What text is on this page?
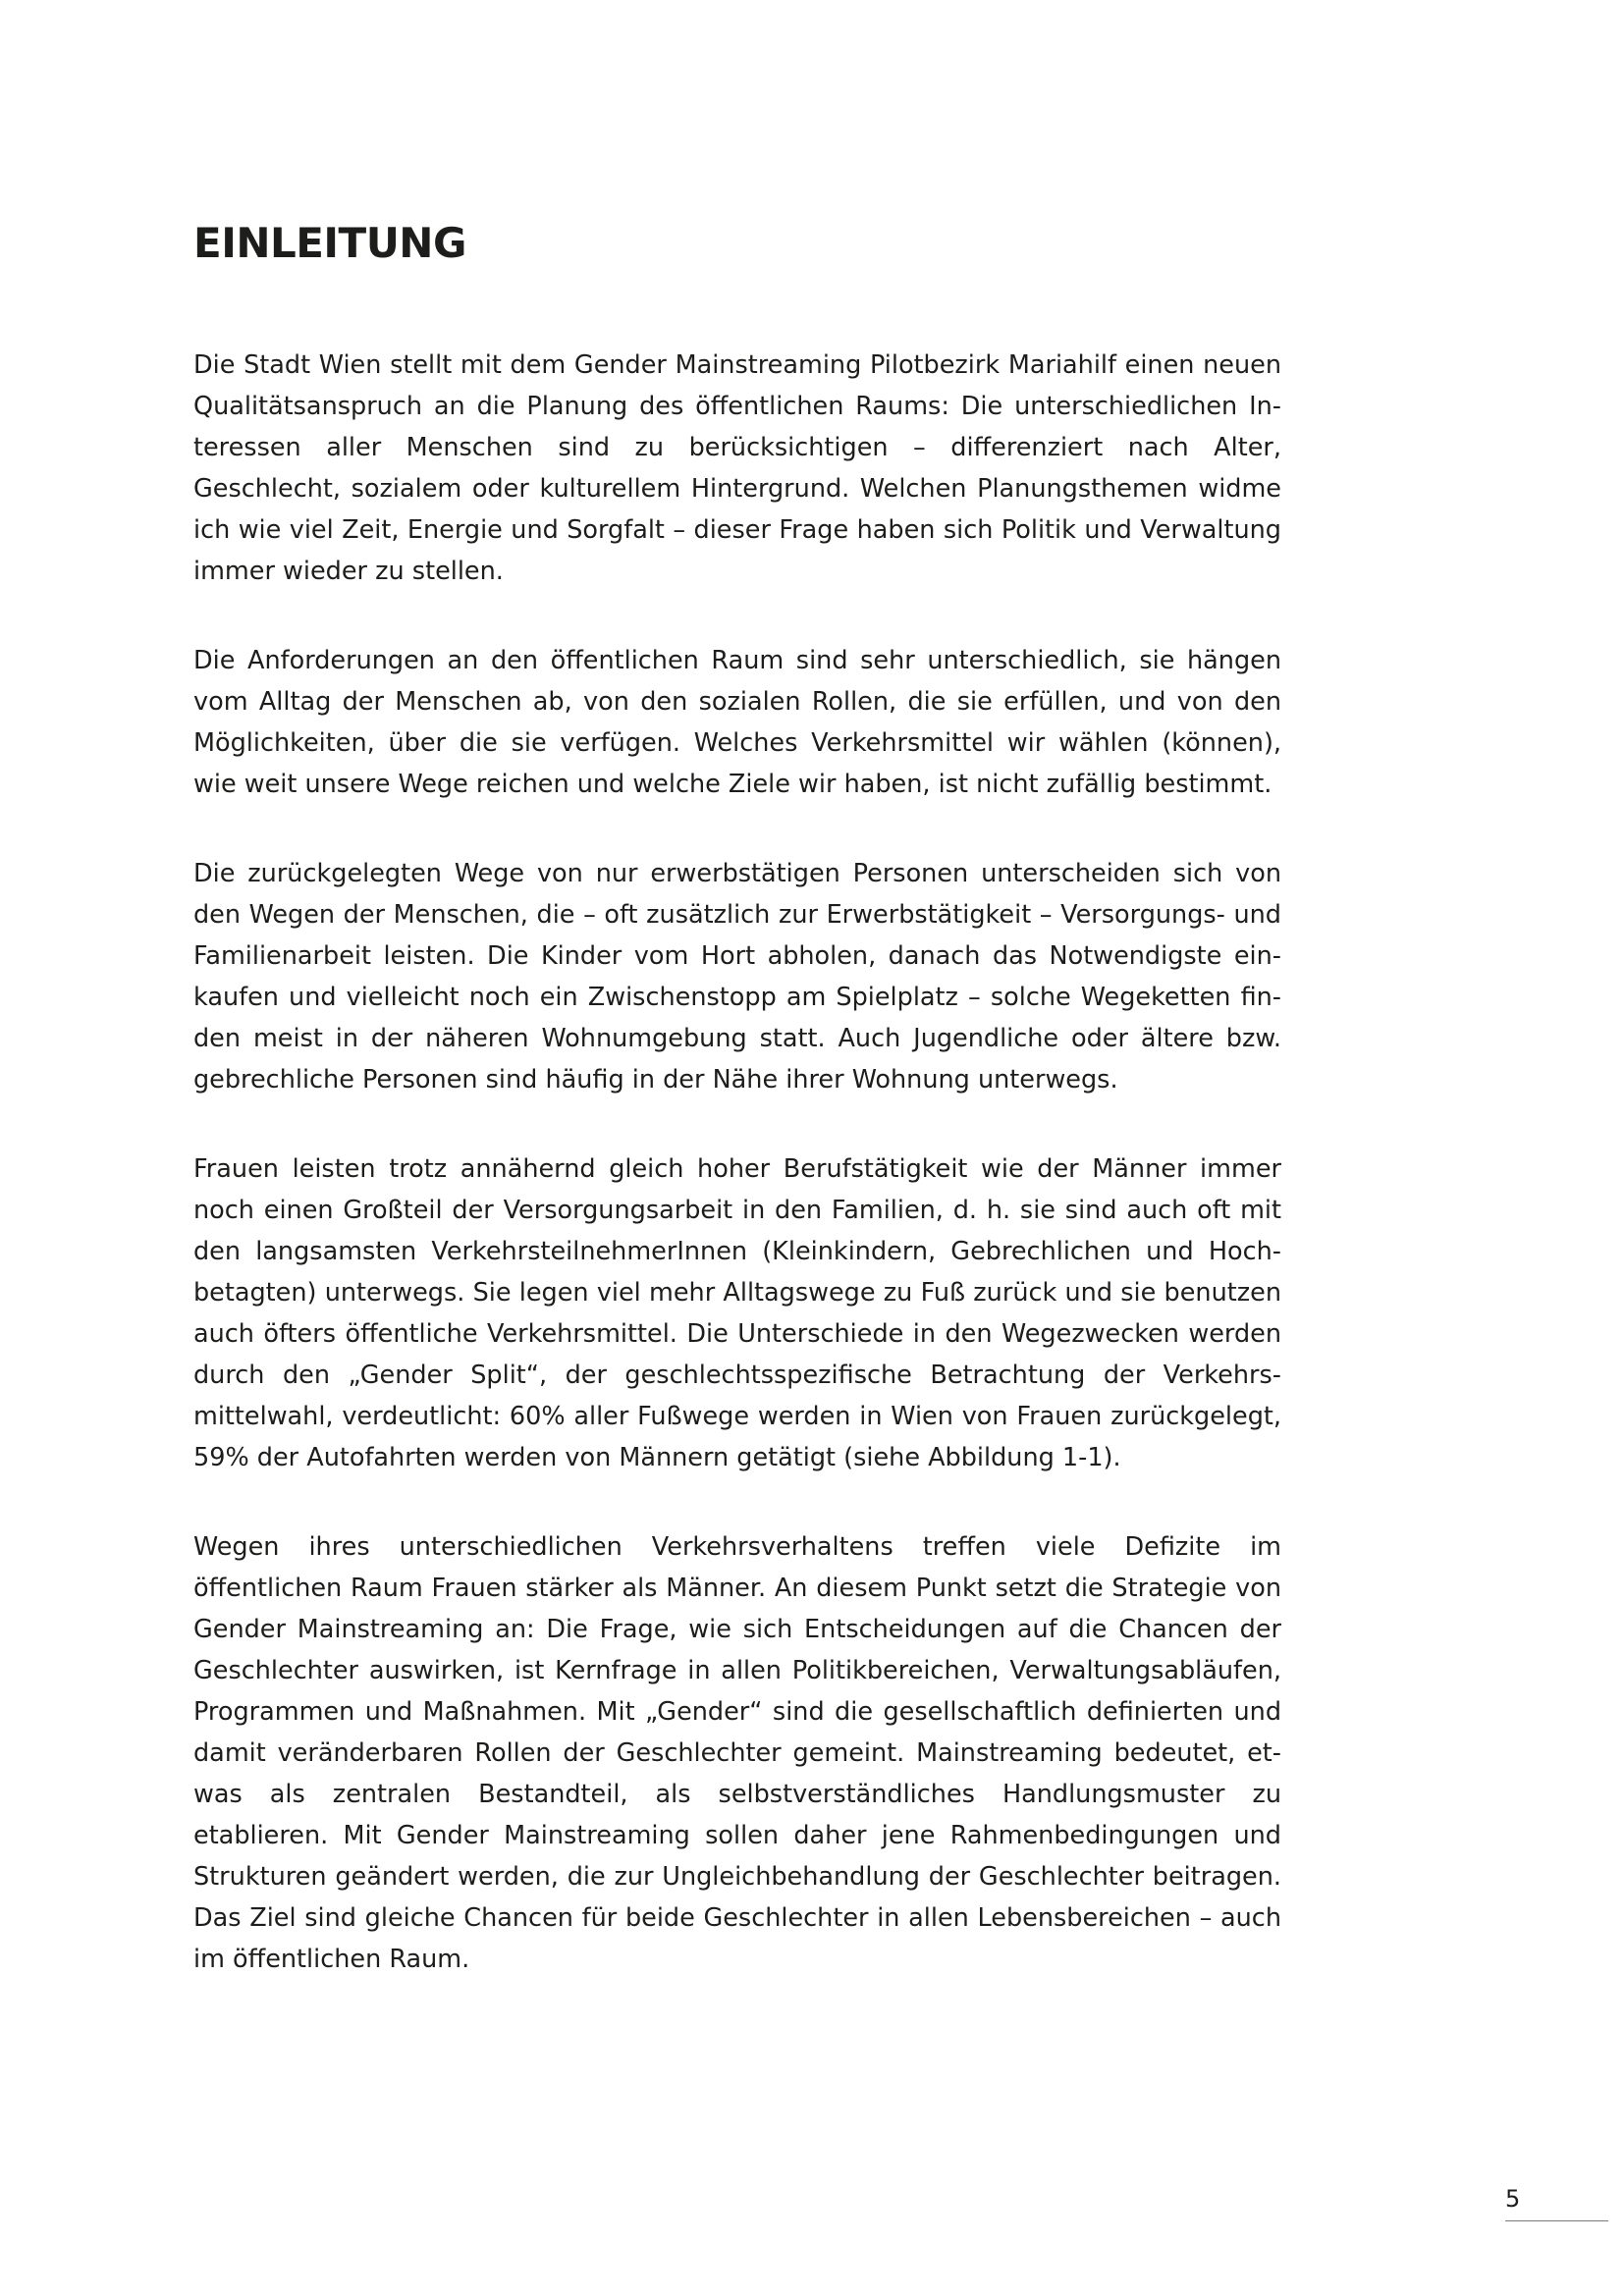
EINLEITUNG

Die Stadt Wien stellt mit dem Gender Mainstreaming Pilotbezirk Mariahilf einen neuen Qualitätsanspruch an die Planung des öffentlichen Raums: Die unterschiedlichen Interessen aller Menschen sind zu berücksichtigen – differenziert nach Alter, Geschlecht, sozialem oder kulturellem Hintergrund. Welchen Planungsthemen widme ich wie viel Zeit, Energie und Sorgfalt – dieser Frage haben sich Politik und Verwaltung immer wieder zu stellen.

Die Anforderungen an den öffentlichen Raum sind sehr unterschiedlich, sie hängen vom Alltag der Menschen ab, von den sozialen Rollen, die sie erfüllen, und von den Möglichkeiten, über die sie verfügen. Welches Verkehrsmittel wir wählen (können), wie weit unsere Wege reichen und welche Ziele wir haben, ist nicht zufällig bestimmt.

Die zurückgelegten Wege von nur erwerbstätigen Personen unterscheiden sich von den Wegen der Menschen, die – oft zusätzlich zur Erwerbstätigkeit – Versorgungs- und Familienarbeit leisten. Die Kinder vom Hort abholen, danach das Notwendigste einkaufen und vielleicht noch ein Zwischenstopp am Spielplatz – solche Wegeketten finden meist in der näheren Wohnumgebung statt. Auch Jugendliche oder ältere bzw. gebrechliche Personen sind häufig in der Nähe ihrer Wohnung unterwegs.

Frauen leisten trotz annähernd gleich hoher Berufstätigkeit wie der Männer immer noch einen Großteil der Versorgungsarbeit in den Familien, d. h. sie sind auch oft mit den langsamsten VerkehrsteilnehmerInnen (Kleinkindern, Gebrechlichen und Hochbetagten) unterwegs. Sie legen viel mehr Alltagswege zu Fuß zurück und sie benutzen auch öfters öffentliche Verkehrsmittel. Die Unterschiede in den Wegezwecken werden durch den „Gender Split“, der geschlechtsspezifische Betrachtung der Verkehrsmittelwahl, verdeutlicht: 60% aller Fußwege werden in Wien von Frauen zurückgelegt, 59% der Autofahrten werden von Männern getätigt (siehe Abbildung 1-1).

Wegen ihres unterschiedlichen Verkehrsverhaltens treffen viele Defizite im öffentlichen Raum Frauen stärker als Männer. An diesem Punkt setzt die Strategie von Gender Mainstreaming an: Die Frage, wie sich Entscheidungen auf die Chancen der Geschlechter auswirken, ist Kernfrage in allen Politikbereichen, Verwaltungsabläufen, Programmen und Maßnahmen. Mit „Gender“ sind die gesellschaftlich definierten und damit veränderbaren Rollen der Geschlechter gemeint. Mainstreaming bedeutet, etwas als zentralen Bestandteil, als selbstverständliches Handlungsmuster zu etablieren. Mit Gender Mainstreaming sollen daher jene Rahmenbedingungen und Strukturen geändert werden, die zur Ungleichbehandlung der Geschlechter beitragen. Das Ziel sind gleiche Chancen für beide Geschlechter in allen Lebensbereichen – auch im öffentlichen Raum.

5
